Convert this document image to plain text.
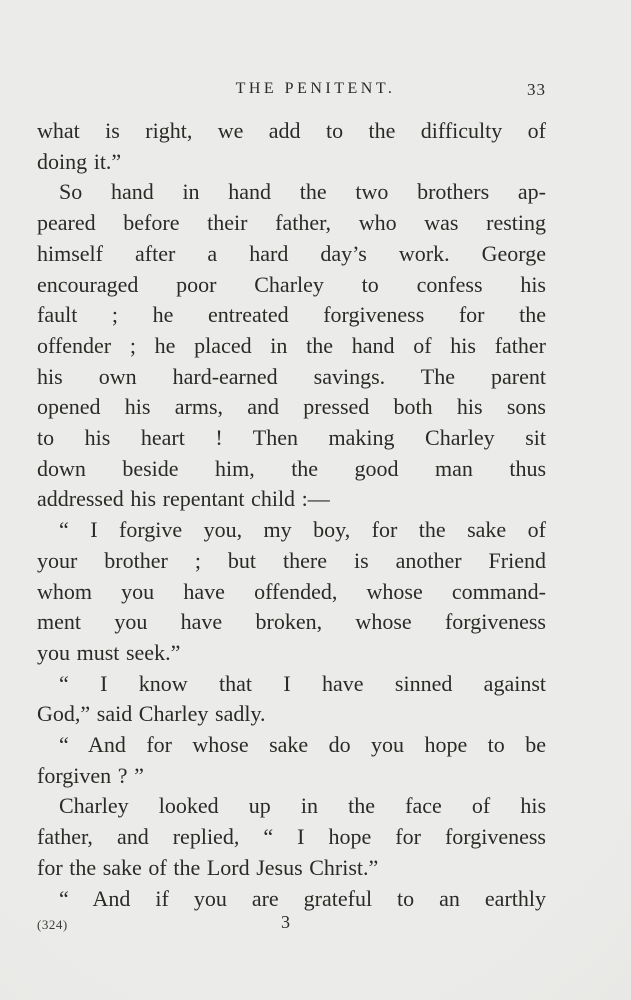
THE PENITENT.	33
what is right, we add to the difficulty of
doing it.”
So hand in hand the two brothers ap-
peared before their father, who was resting
himself after a hard day’s work. George
encouraged poor Charley to confess his
fault ; he entreated forgiveness for the
offender ; he placed in the hand of his father
his own hard-earned savings. The parent
opened his arms, and pressed both his sons
to his heart ! Then making Charley sit
down beside him, the good man thus
addressed his repentant child :—
“ I forgive you, my boy, for the sake of
your brother ; but there is another Friend
whom you have offended, whose command-
ment you have broken, whose forgiveness
you must seek.”
“ I know that I have sinned against
God,” said Charley sadly.
“ And for whose sake do you hope to be
forgiven ? ”
Charley looked up in the face of his
father, and replied, “ I hope for forgiveness
for the sake of the Lord Jesus Christ.”
“ And if you are grateful to an earthly
(324)	3
